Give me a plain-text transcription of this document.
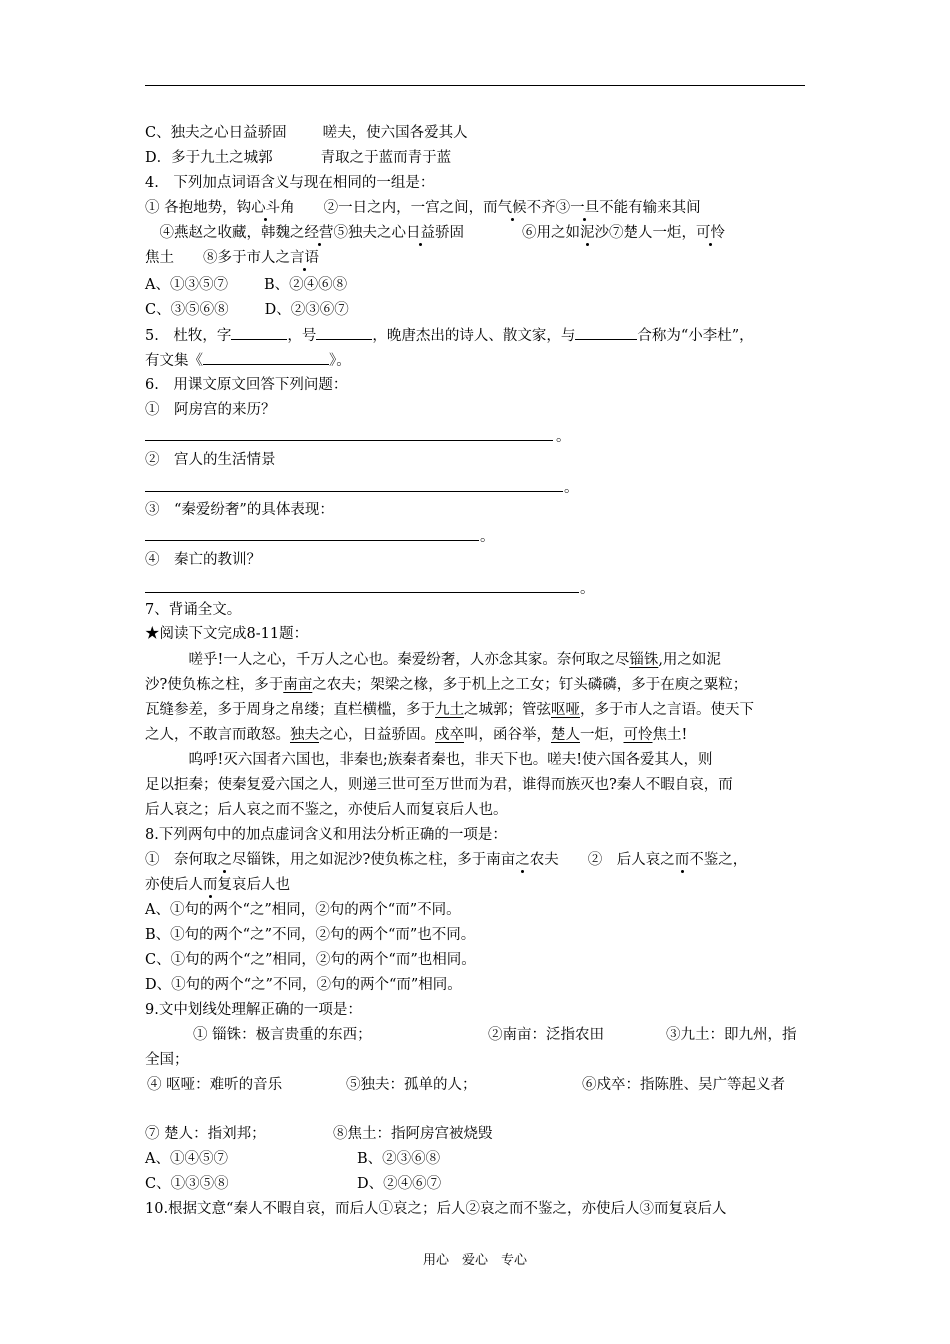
C、独夫之心日益骄固 嗟夫，使六国各爱其人
D．多于九土之城郭	青取之于蓝而青于蓝
4.　下列加点词语含义与现在相同的一组是：
① 各抱地势，钩心斗角　　②一日之内，一宫之间，而气候不齐③一旦不能有输来其间
　④燕赵之收藏，韩魏之经营⑤独夫之心日益骄固　　　　⑥用之如泥沙⑦楚人一炬，可怜
焦土　　⑧多于市人之言语
A、①③⑤⑦ B、②④⑥⑧
C、③⑤⑥⑧ D、②③⑥⑦
5.　杜牧，字	，号	，晚唐杰出的诗人、散文家，与	合称为“小李杜”，
有文集《	》。
6.　用课文原文回答下列问题：
①　阿房宫的来历？
。
②　宫人的生活情景
。
③　“秦爱纷奢”的具体表现：
。
④　秦亡的教训？
。
7、背诵全文。
★阅读下文完成8-11题：
　　　嗟乎!一人之心，千万人之心也。秦爱纷奢，人亦念其家。奈何取之尽锱铢,用之如泥
沙?使负栋之柱，多于南亩之农夫；架梁之椽，多于机上之工女；钉头磷磷，多于在庾之粟粒；
瓦缝参差，多于周身之帛缕；直栏横槛，多于九土之城郭；管弦呕哑，多于市人之言语。使天下
之人，不敢言而敢怒。独夫之心，日益骄固。戍卒叫，函谷举，楚人一炬，可怜焦土!
　　　呜呼!灭六国者六国也，非秦也;族秦者秦也，非天下也。嗟夫!使六国各爱其人，则
足以拒秦；使秦复爱六国之人，则递三世可至万世而为君，谁得而族灭也?秦人不暇自哀，而
后人哀之；后人哀之而不鉴之，亦使后人而复哀后人也。
8.下列两句中的加点虚词含义和用法分析正确的一项是：
①　奈何取之尽锱铢，用之如泥沙?使负栋之柱，多于南亩之农夫　　②　后人哀之而不鉴之，
亦使后人而复哀后人也
A、①句的两个“之”相同，②句的两个“而”不同。
B、①句的两个“之”不同，②句的两个“而”也不同。
C、①句的两个“之”相同，②句的两个“而”也相同。
D、①句的两个“之”不同，②句的两个“而”相同。
9.文中划线处理解正确的一项是：
① 锱铢：极言贵重的东西；	②南亩：泛指农田	③九土：即九州，指
全国；
④ 呕哑：难听的音乐	⑤独夫：孤单的人；	⑥戍卒：指陈胜、吴广等起义者
⑦ 楚人：指刘邦；	⑧焦土：指阿房宫被烧毁
A、①④⑤⑦	B、②③⑥⑧
C、①③⑤⑧	D、②④⑥⑦
10.根据文意“秦人不暇自哀，而后人①哀之；后人②哀之而不鉴之，亦使后人③而复哀后人
用心　爱心　专心
